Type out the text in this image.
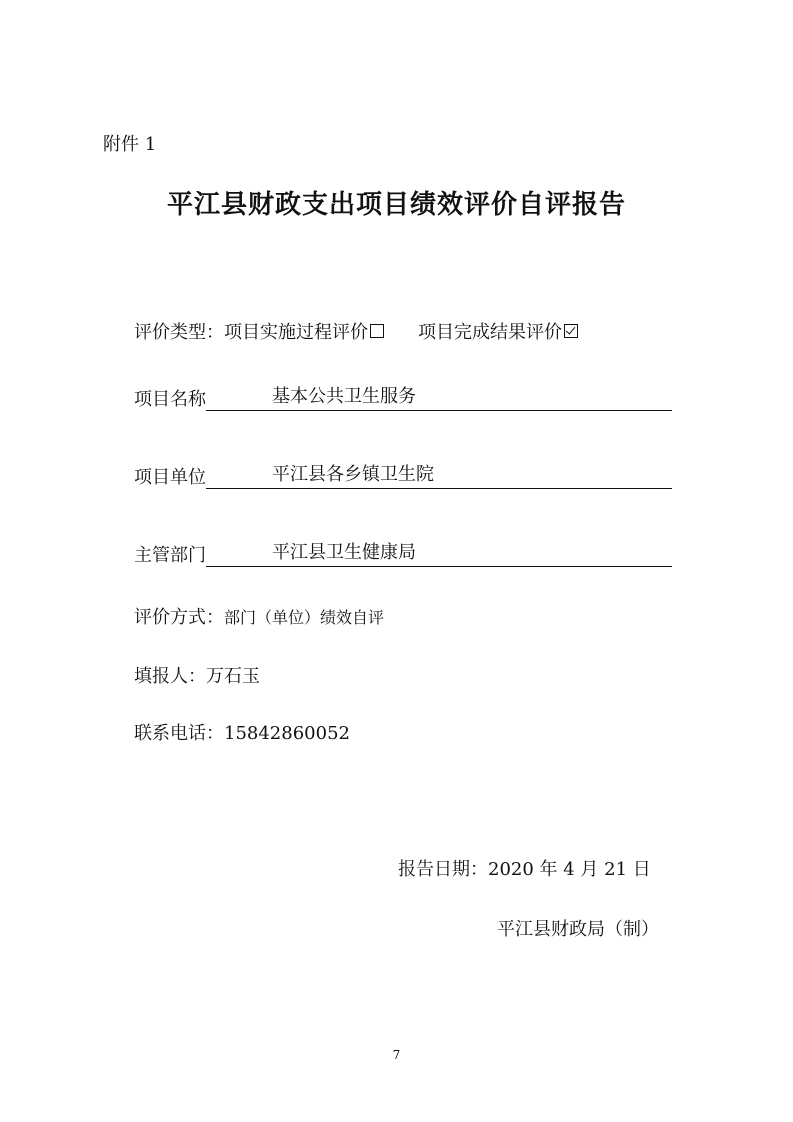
附件 1
平江县财政支出项目绩效评价自评报告
评价类型： 项目实施过程评价	项目完成结果评价
项目名称	基本公共卫生服务
项目单位	平江县各乡镇卫生院
主管部门	平江县卫生健康局
评价方式：部门（单位）绩效自评
填报人：万石玉
联系电话：15842860052
报告日期：2020 年 4 月 21 日
平江县财政局（制）
7
